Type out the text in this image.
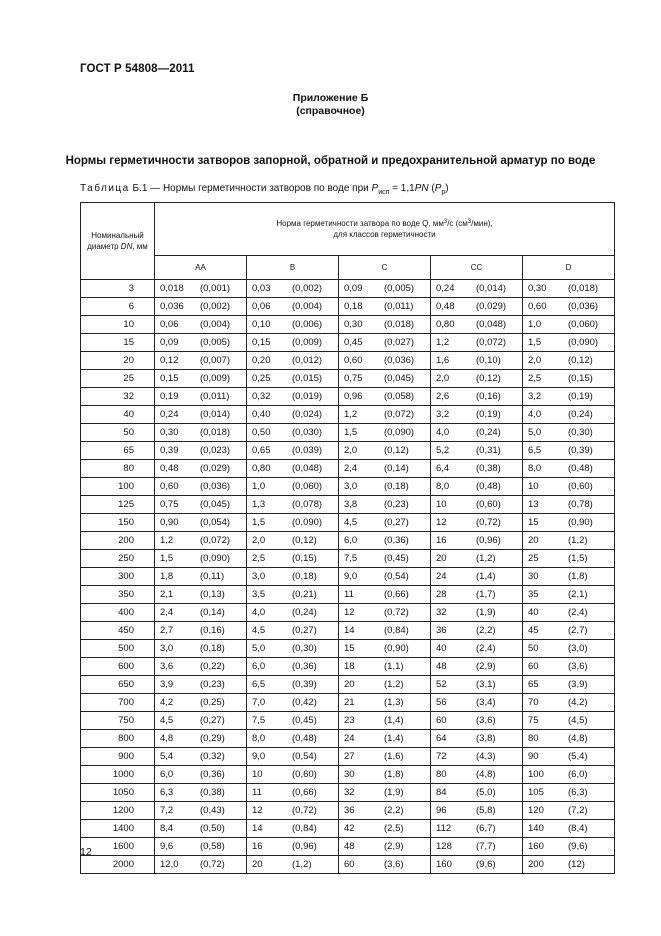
ГОСТ Р 54808—2011
Приложение Б
(справочное)
Нормы герметичности затворов запорной, обратной и предохранительной арматур по воде
Таблица Б.1 — Нормы герметичности затворов по воде при $P_{исп} = 1,1PN$ $(P_р)$
Номинальный
диаметр DN, мм	Норма герметичности затвора по воде Q, $мм^3/с$ $(см^3/мин)$,
для классов герметичности				
	AA	B	C	CC	D
3	0,018 (0,001)	0,03 (0,002)	0,09 (0,005)	0,24 (0,014)	0,30 (0,018)
6	0,036 (0,002)	0,06 (0,004)	0,18 (0,011)	0,48 (0,029)	0,60 (0,036)
10	0,06 (0,004)	0,10 (0,006)	0,30 (0,018)	0,80 (0,048)	1,0 (0,060)
15	0,09 (0,005)	0,15 (0,009)	0,45 (0,027)	1,2 (0,072)	1,5 (0,090)
20	0,12 (0,007)	0,20 (0,012)	0,60 (0,036)	1,6 (0,10)	2,0 (0,12)
25	0,15 (0,009)	0,25 (0,015)	0,75 (0,045)	2,0 (0,12)	2,5 (0,15)
32	0,19 (0,011)	0,32 (0,019)	0,96 (0,058)	2,6 (0,16)	3,2 (0,19)
40	0,24 (0,014)	0,40 (0,024)	1,2 (0,072)	3,2 (0,19)	4,0 (0,24)
50	0,30 (0,018)	0,50 (0,030)	1,5 (0,090)	4,0 (0,24)	5,0 (0,30)
65	0,39 (0,023)	0,65 (0,039)	2,0 (0,12)	5,2 (0,31)	6,5 (0,39)
80	0,48 (0,029)	0,80 (0,048)	2,4 (0,14)	6,4 (0,38)	8,0 (0,48)
100	0,60 (0,036)	1,0 (0,060)	3,0 (0,18)	8,0 (0,48)	10 (0,60)
125	0,75 (0,045)	1,3 (0,078)	3,8 (0,23)	10 (0,60)	13 (0,78)
150	0,90 (0,054)	1,5 (0,090)	4,5 (0,27)	12 (0,72)	15 (0,90)
200	1,2 (0,072)	2,0 (0,12)	6,0 (0,36)	16 (0,96)	20 (1,2)
250	1,5 (0,090)	2,5 (0,15)	7,5 (0,45)	20 (1,2)	25 (1,5)
300	1,8 (0,11)	3,0 (0,18)	9,0 (0,54)	24 (1,4)	30 (1,8)
350	2,1 (0,13)	3,5 (0,21)	11 (0,66)	28 (1,7)	35 (2,1)
400	2,4 (0,14)	4,0 (0,24)	12 (0,72)	32 (1,9)	40 (2,4)
450	2,7 (0,16)	4,5 (0,27)	14 (0,84)	36 (2,2)	45 (2,7)
500	3,0 (0,18)	5,0 (0,30)	15 (0,90)	40 (2,4)	50 (3,0)
600	3,6 (0,22)	6,0 (0,36)	18 (1,1)	48 (2,9)	60 (3,6)
650	3,9 (0,23)	6,5 (0,39)	20 (1,2)	52 (3,1)	65 (3,9)
700	4,2 (0,25)	7,0 (0,42)	21 (1,3)	56 (3,4)	70 (4,2)
750	4,5 (0,27)	7,5 (0,45)	23 (1,4)	60 (3,6)	75 (4,5)
800	4,8 (0,29)	8,0 (0,48)	24 (1,4)	64 (3,8)	80 (4,8)
900	5,4 (0,32)	9,0 (0,54)	27 (1,6)	72 (4,3)	90 (5,4)
1000	6,0 (0,36)	10 (0,60)	30 (1,8)	80 (4,8)	100 (6,0)
1050	6,3 (0,38)	11 (0,66)	32 (1,9)	84 (5,0)	105 (6,3)
1200	7,2 (0,43)	12 (0,72)	36 (2,2)	96 (5,8)	120 (7,2)
1400	8,4 (0,50)	14 (0,84)	42 (2,5)	112 (6,7)	140 (8,4)
1600	9,6 (0,58)	16 (0,96)	48 (2,9)	128 (7,7)	160 (9,6)
2000	12,0 (0,72)	20 (1,2)	60 (3,6)	160 (9,6)	200 (12)
12
